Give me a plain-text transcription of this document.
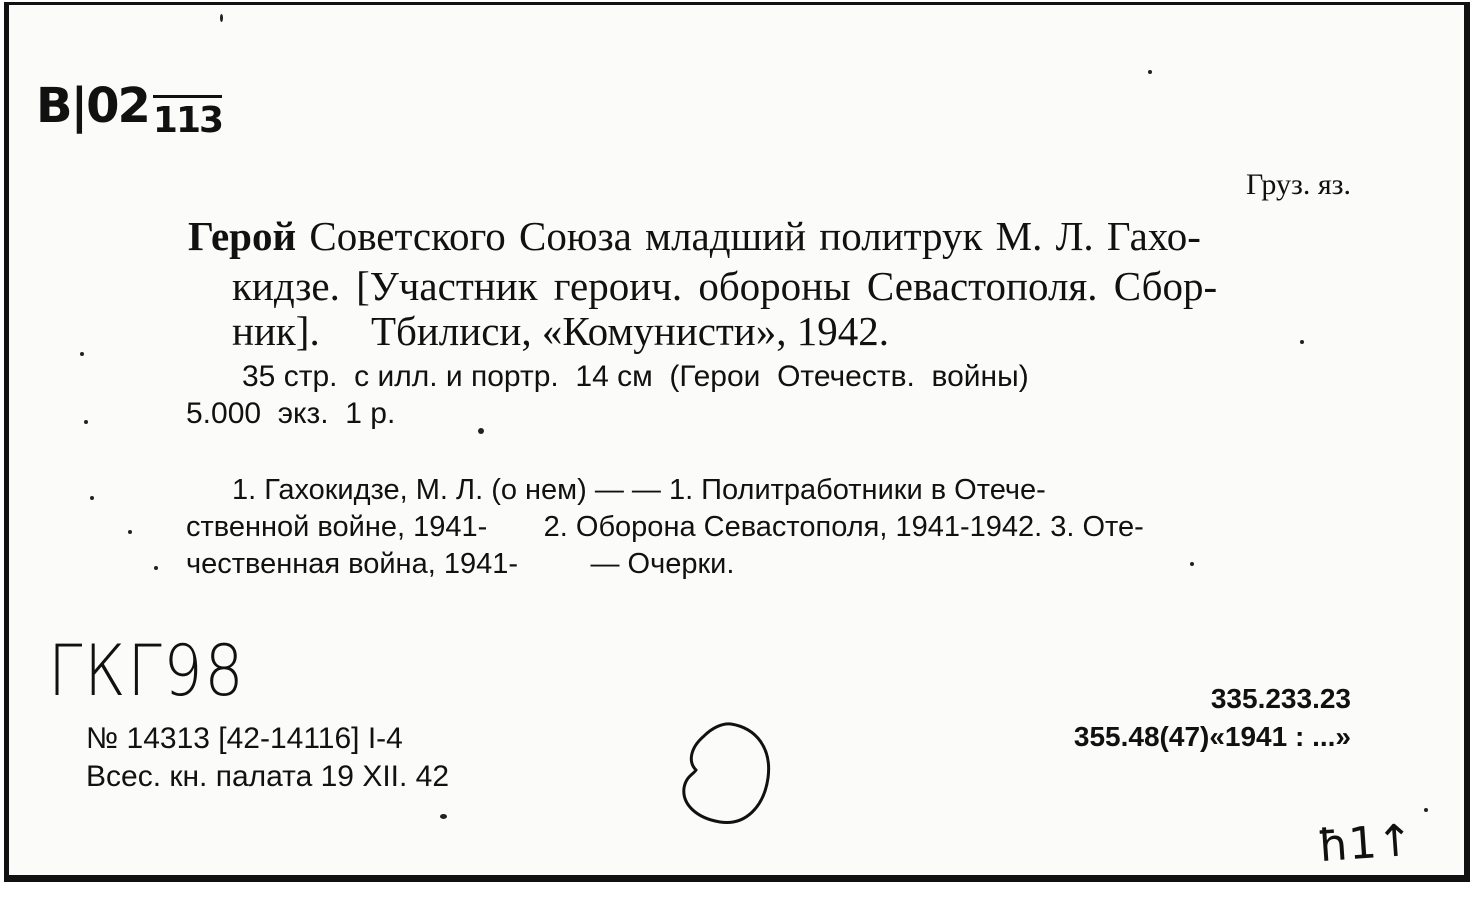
B|02 113
ГКГ98
ħ1↑
Груз. яз.
Герой Советского Союза младший политрук М. Л. Гахо-
кидзе. [Участник героич. обороны Севастополя. Сбор-
ник].     Тбилиси, «Комунисти», 1942.
35 стр.  с илл. и портр.  14 см  (Герои  Отечеств.  войны)
5.000  экз.  1 р.
1. Гахокидзе, М. Л. (о нем) — — 1. Политработники в Отече-
ственной войне, 1941-       2. Оборона Севастополя, 1941-1942. 3. Оте-
чественная война, 1941-         — Очерки.
335.233.23
355.48(47)«1941 : ...»
№ 14313 [42-14116] I-4
Всес. кн. палата 19 XII. 42
